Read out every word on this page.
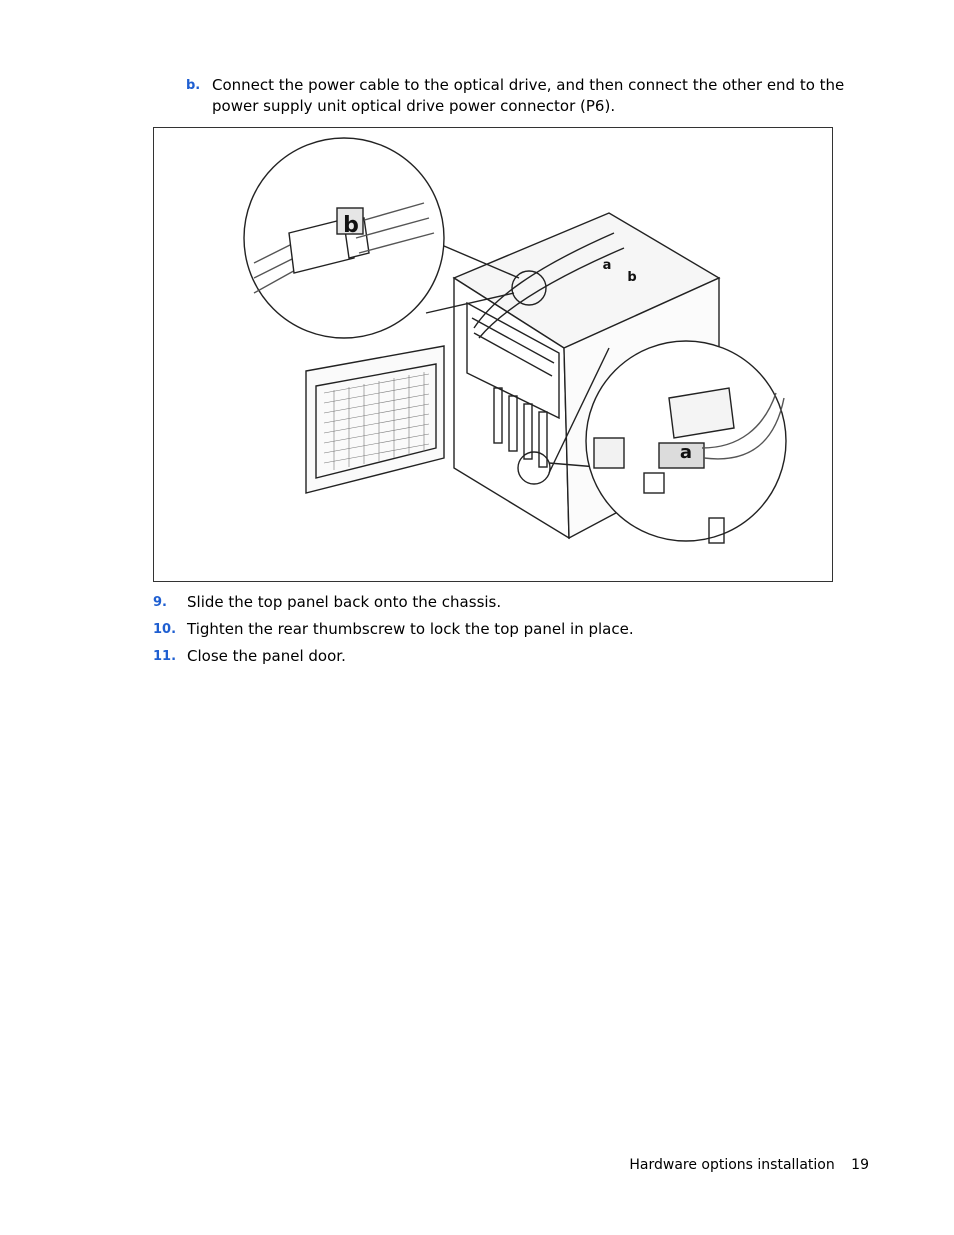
b. Connect the power cable to the optical drive, and then connect the other end to the power supply unit optical drive power connector (P6).
b
a
a
b
9. Slide the top panel back onto the chassis.
10. Tighten the rear thumbscrew to lock the top panel in place.
11. Close the panel door.
Hardware options installation 19
